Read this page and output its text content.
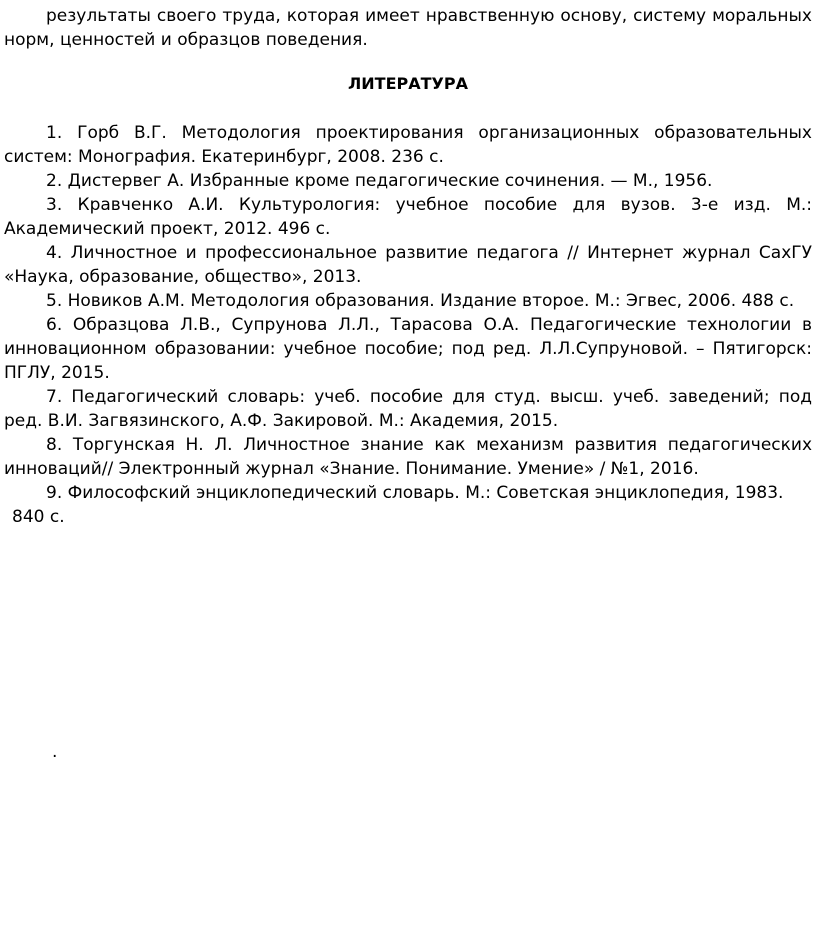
результаты своего труда, которая имеет нравственную основу, систему моральных норм, ценностей и образцов поведения.

ЛИТЕРАТУРА

1. Горб В.Г. Методология проектирования организационных образовательных систем: Монография. Екатеринбург, 2008. 236 с.

2. Дистервег А. Избранные кроме педагогические сочинения. — М., 1956.

3. Кравченко А.И. Культурология: учебное пособие для вузов. 3-е изд. М.: Академический проект, 2012. 496 с.

4. Личностное и профессиональное развитие педагога // Интернет журнал СахГУ «Наука, образование, общество», 2013.

5. Новиков А.М. Методология образования. Издание второе. М.: Эгвес, 2006. 488 с.

6. Образцова Л.В., Супрунова Л.Л., Тарасова О.А. Педагогические технологии в инновационном образовании: учебное пособие; под ред. Л.Л.Супруновой. – Пятигорск: ПГЛУ, 2015.

7. Педагогический словарь: учеб. пособие для студ. высш. учеб. заведений; под ред. В.И. Загвязинского, А.Ф. Закировой. М.: Академия, 2015.

8. Торгунская Н. Л. Личностное знание как механизм развития педагогических инноваций// Электронный журнал «Знание. Понимание. Умение» / №1, 2016.

9. Философский энциклопедический словарь. М.: Советская энциклопедия, 1983.
840 с.

.
